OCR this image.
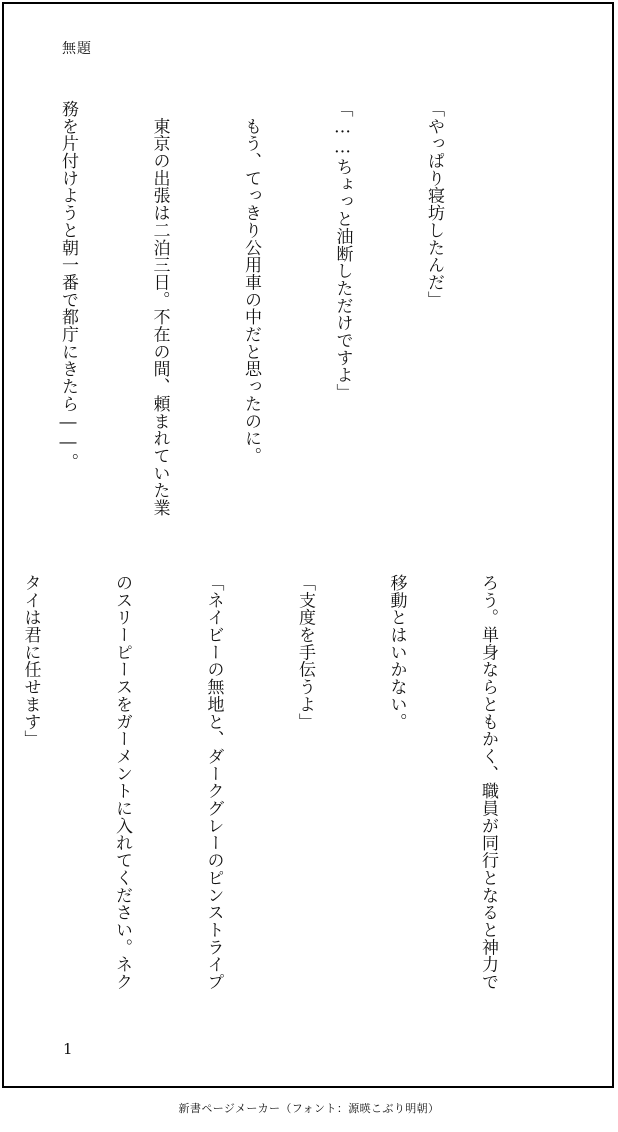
無題

「やっぱり寝坊したんだ」

「……ちょっと油断しただけですよ」

　もう、てっきり公用車の中だと思ったのに。

　東京の出張は二泊三日。不在の間、頼まれていた業

務を片付けようと朝一番で都庁にきたら――。

ろう。単身ならともかく、職員が同行となると神力で

移動とはいかない。

「支度を手伝うよ」

「ネイビーの無地と、ダークグレーのピンストライプ

のスリーピースをガーメントに入れてください。ネク

タイは君に任せます」

1
新書ページメーカー（フォント：源暎こぶり明朝）
